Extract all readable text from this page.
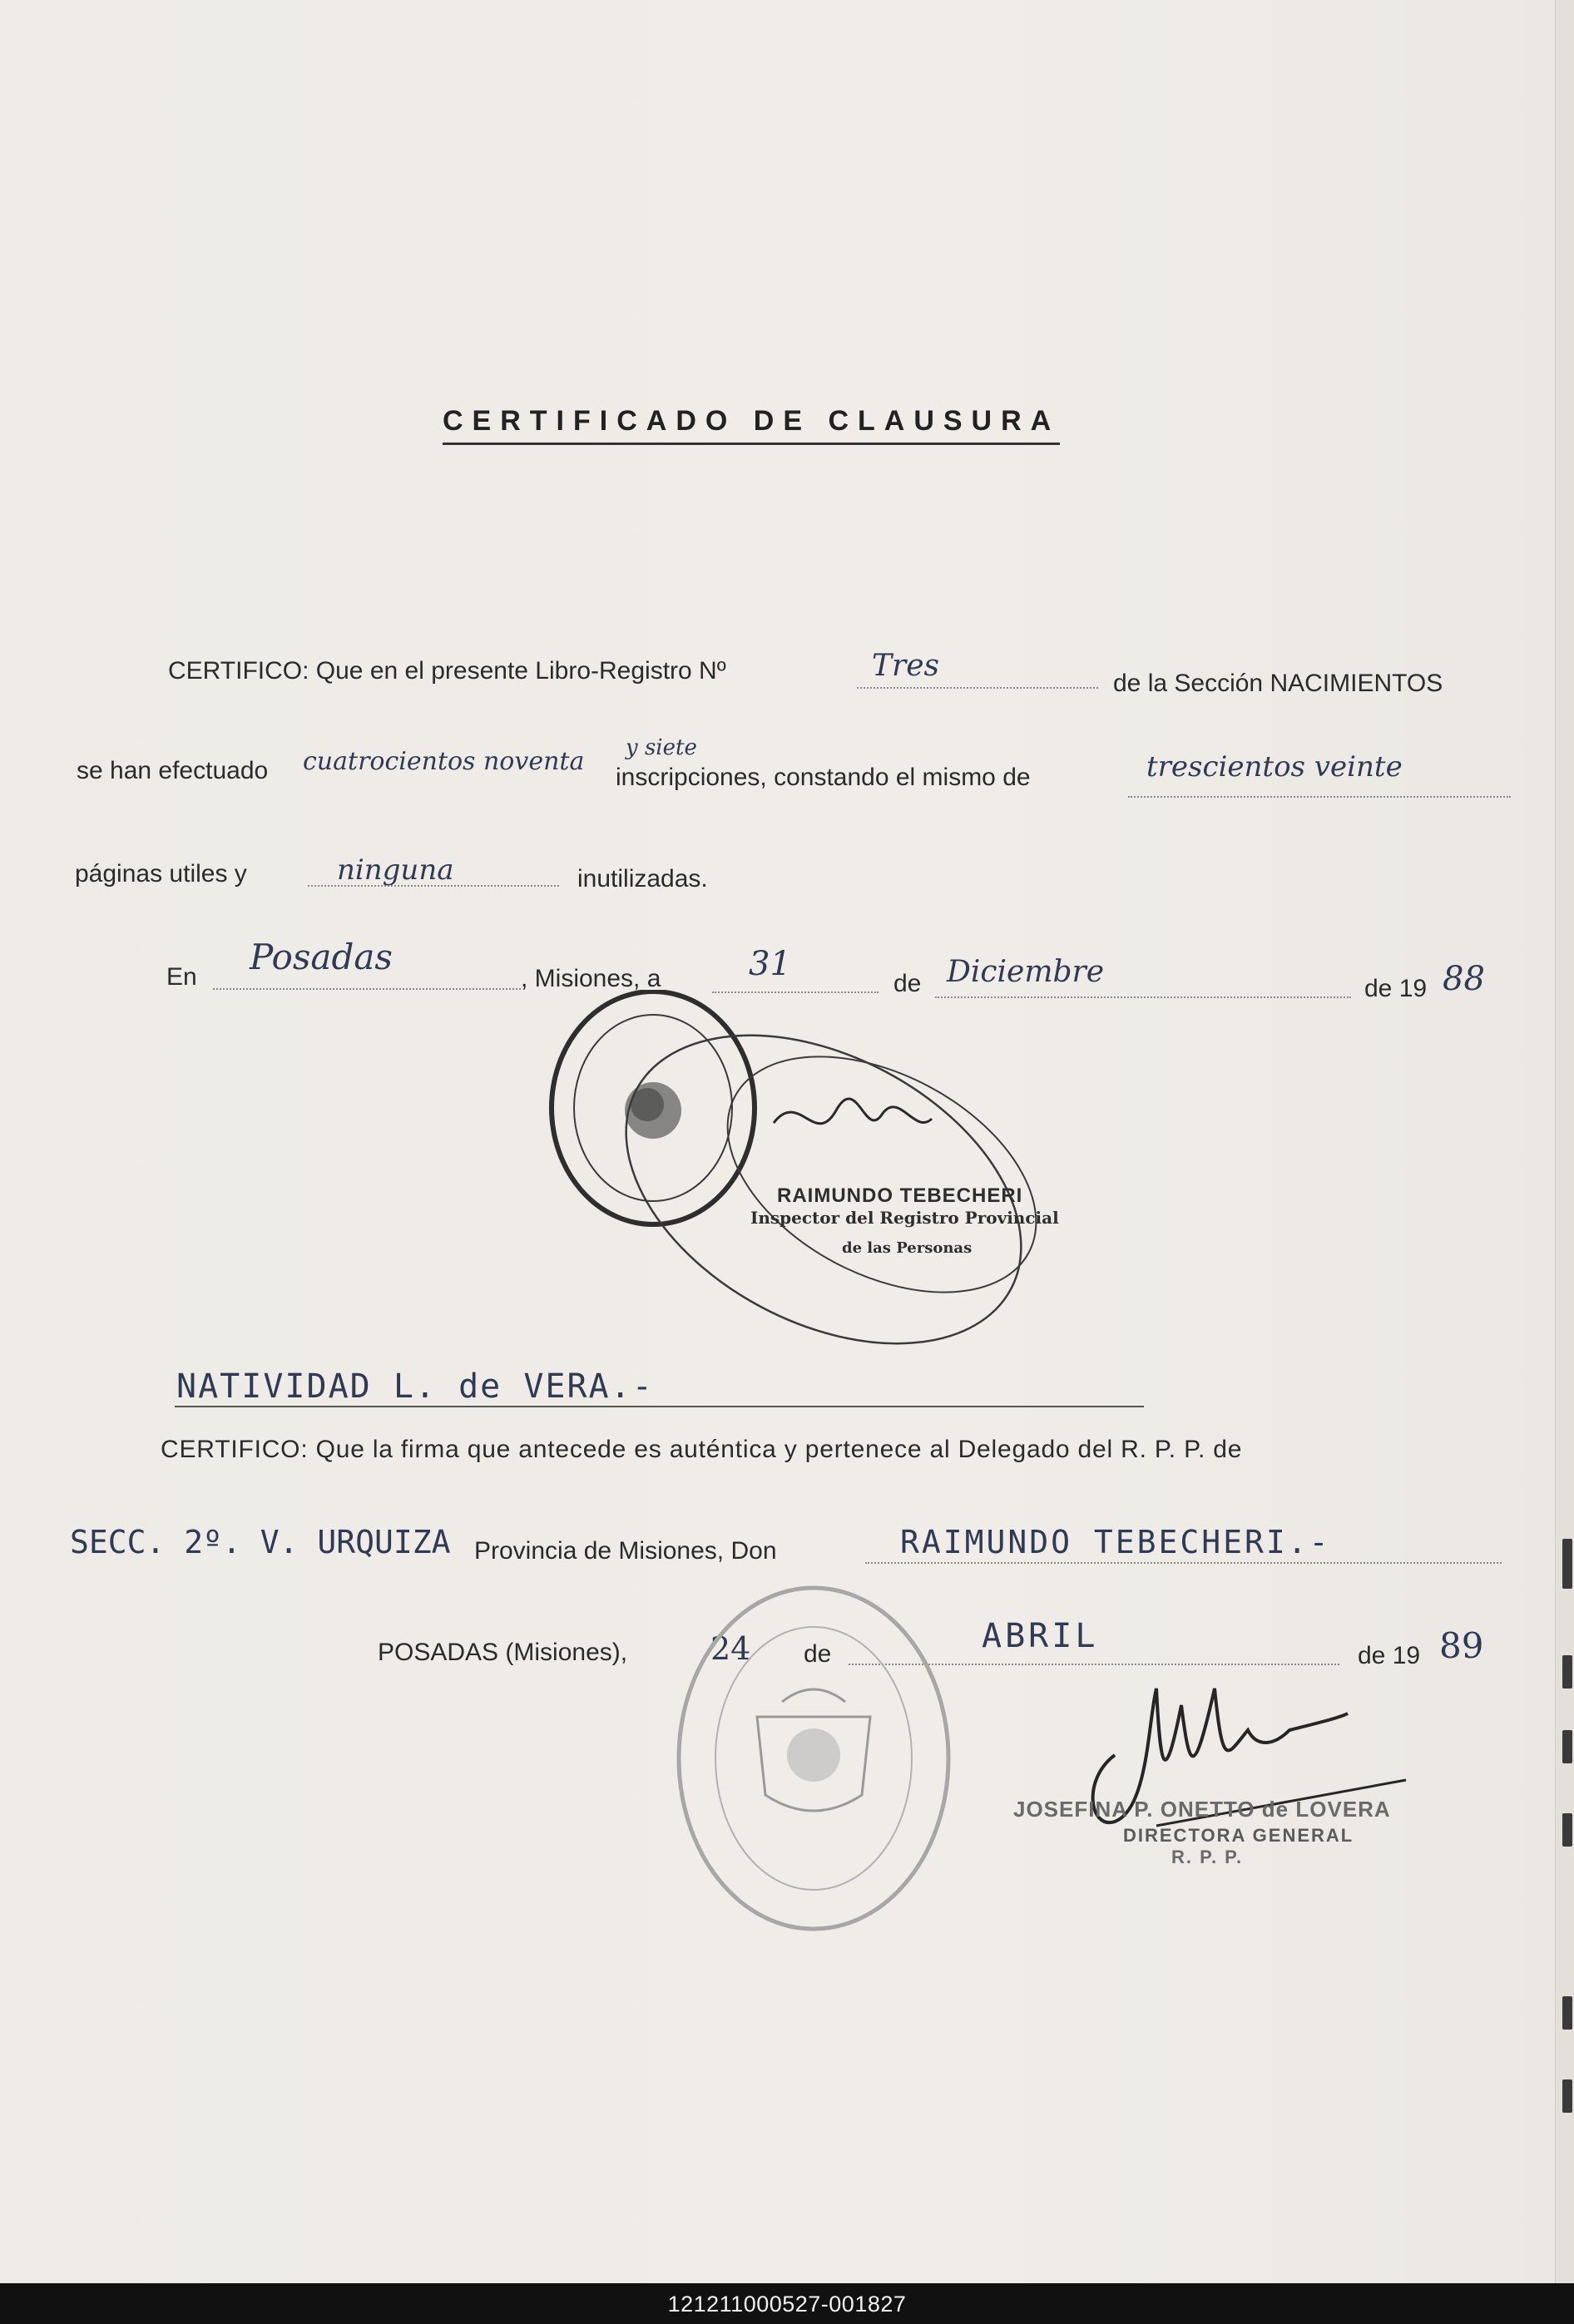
CERTIFICADO DE CLAUSURA
CERTIFICO: Que en el presente Libro-Registro Nº	Tres
de la Sección NACIMIENTOS
se han efectuado cuatrocientos noventa y siete
inscripciones, constando el mismo de	trescientos veinte
páginas utiles y	ninguna	inutilizadas.
En Posadas
, Misiones, a	31
de Diciembre	de 19 88
RAIMUNDO TEBECHERI
Inspector del Registro Provincial
de las Personas
NATIVIDAD L. de VERA.-
CERTIFICO: Que la firma que antecede es auténtica y pertenece al Delegado del R. P. P. de
SECC. 2º. V. URQUIZA Provincia de Misiones, Don	RAIMUNDO TEBECHERI.-
POSADAS (Misiones),	24 de	ABRIL
de 19 89
JOSEFINA P. ONETTO de LOVERA
DIRECTORA GENERAL
R. P. P.
121211000527-001827
